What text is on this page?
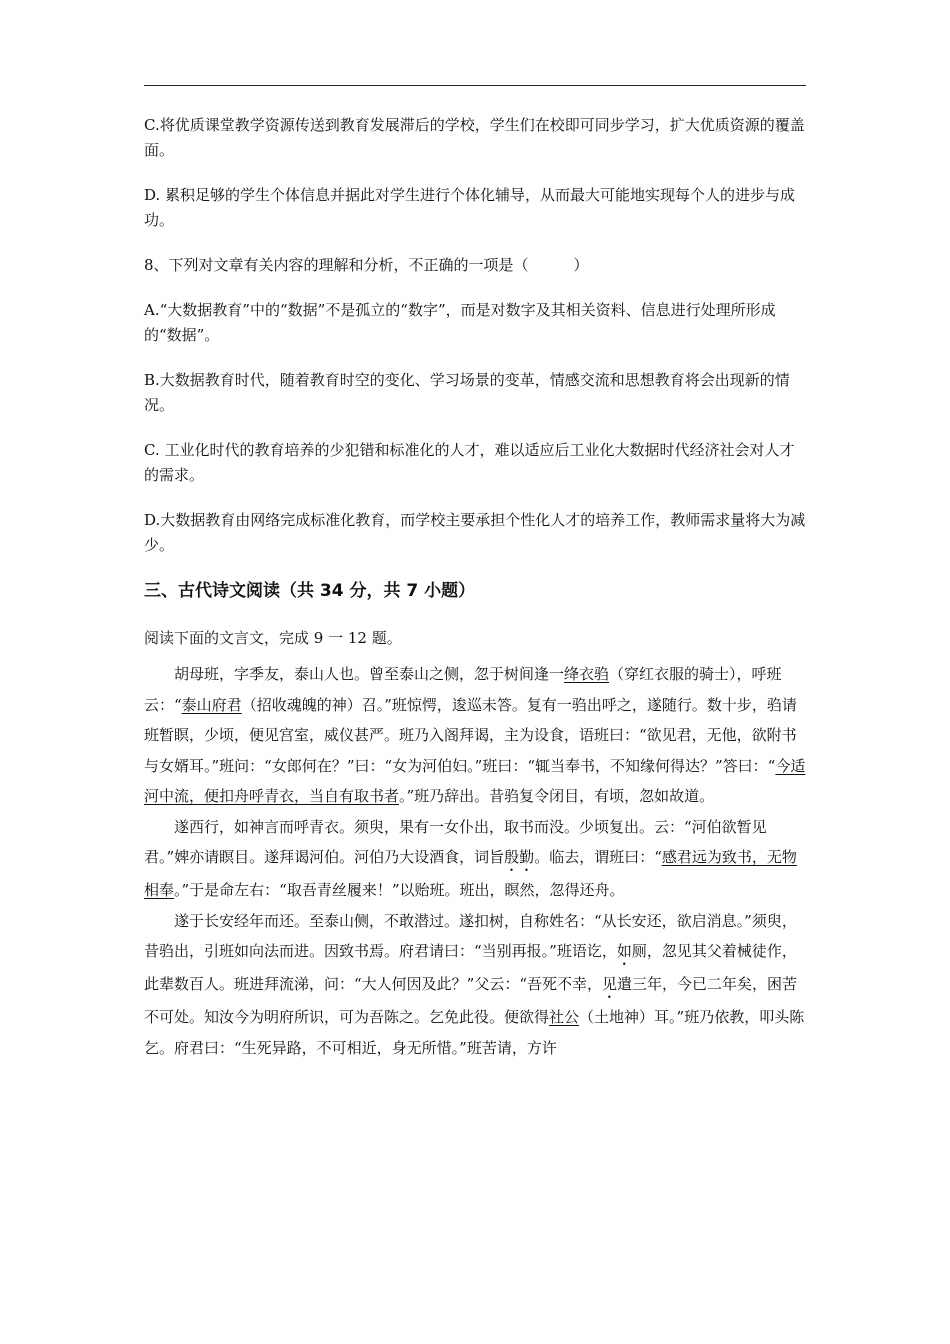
C.将优质课堂教学资源传送到教育发展滞后的学校，学生们在校即可同步学习，扩大优质资源的覆盖面。

D. 累积足够的学生个体信息并据此对学生进行个体化辅导，从而最大可能地实现每个人的进步与成功。

8、下列对文章有关内容的理解和分析，不正确的一项是（　　　）

A.“大数据教育”中的“数据”不是孤立的“数字”，而是对数字及其相关资料、信息进行处理所形成的“数据”。

B.大数据教育时代，随着教育时空的变化、学习场景的变革，情感交流和思想教育将会出现新的情况。

C. 工业化时代的教育培养的少犯错和标准化的人才，难以适应后工业化大数据时代经济社会对人才的需求。

D.大数据教育由网络完成标准化教育，而学校主要承担个性化人才的培养工作，教师需求量将大为减少。

三、古代诗文阅读（共 34 分，共 7 小题）

阅读下面的文言文，完成 9 一 12 题。

胡母班，字季友，泰山人也。曾至泰山之侧，忽于树间逢一绛衣驺（穿红衣服的骑士），呼班云：“泰山府君（招收魂魄的神）召。”班惊愕，逡巡未答。复有一驺出呼之，遂随行。数十步，驺请班暂瞑，少顷，便见宫室，威仪甚严。班乃入阁拜谒，主为设食，语班曰：“欲见君，无他，欲附书与女婿耳。”班问：“女郎何在？”曰：“女为河伯妇。”班曰：“辄当奉书，不知缘何得达？”答曰：“今适河中流，便扣舟呼青衣，当自有取书者。”班乃辞出。昔驺复令闭目，有顷，忽如故道。

遂西行，如神言而呼青衣。须臾，果有一女仆出，取书而没。少顷复出。云：“河伯欲暂见君。”婢亦请瞑目。遂拜谒河伯。河伯乃大设酒食，词旨殷勤。临去，谓班曰：“感君远为致书，无物相奉。”于是命左右：“取吾青丝履来！”以贻班。班出，瞑然，忽得还舟。

遂于长安经年而还。至泰山侧，不敢潜过。遂扣树，自称姓名：“从长安还，欲启消息。”须臾，昔驺出，引班如向法而进。因致书焉。府君请曰：“当别再报。”班语讫，如厕，忽见其父着械徒作，此辈数百人。班进拜流涕，问：“大人何因及此？”父云：“吾死不幸，见遣三年，今已二年矣，困苦不可处。知汝今为明府所识，可为吾陈之。乞免此役。便欲得社公（土地神）耳。”班乃依教，叩头陈乞。府君曰：“生死异路，不可相近，身无所惜。”班苦请，方许
